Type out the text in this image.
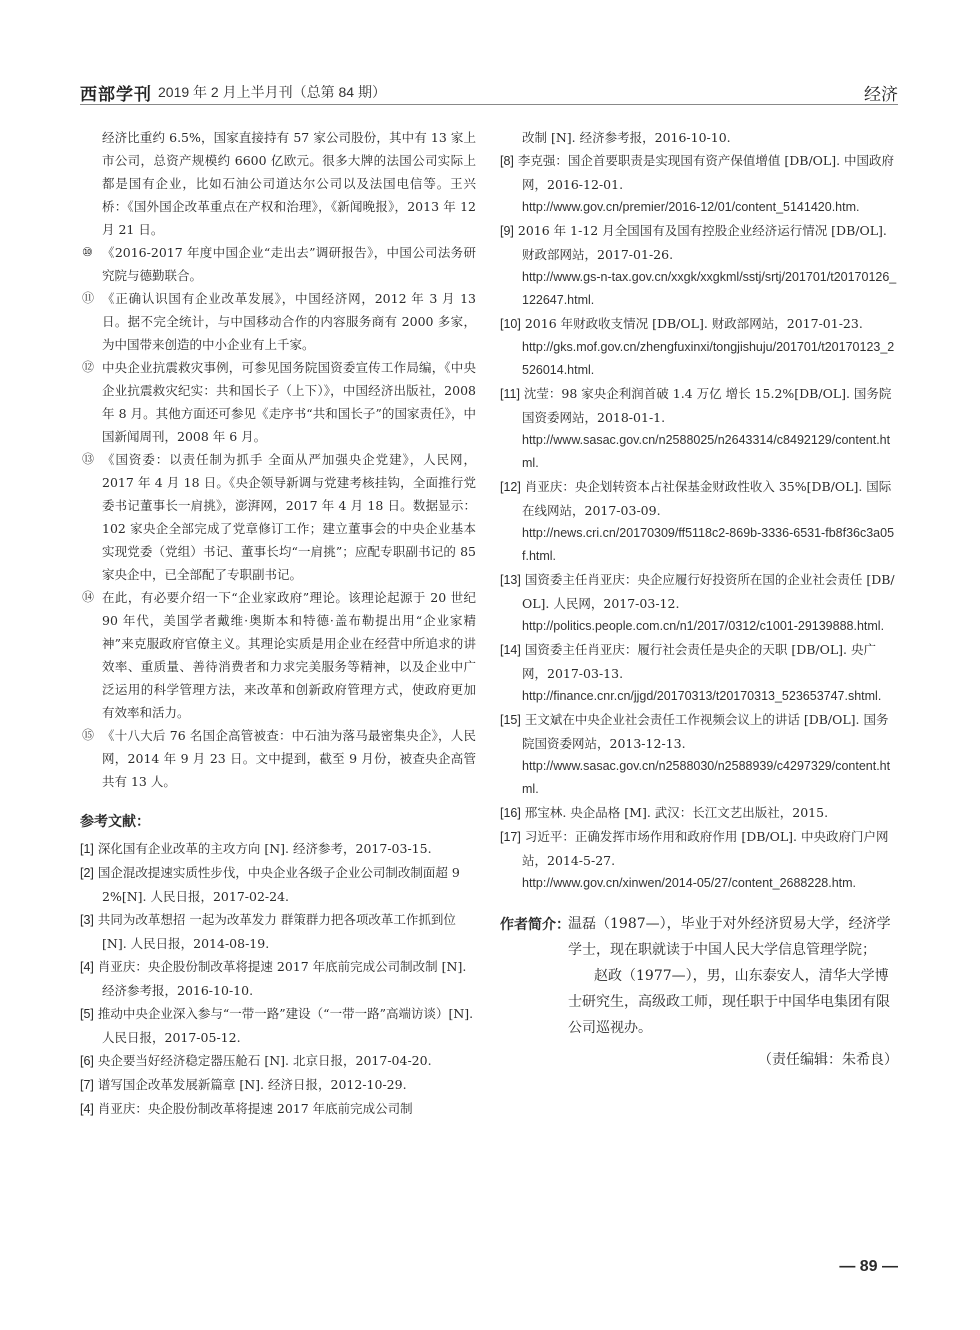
西部学刊 2019 年 2 月上半月刊（总第 84 期）	经济

经济比重约 6.5%，国家直接持有 57 家公司股份，其中有 13 家上市公司，总资产规模约 6600 亿欧元。很多大牌的法国公司实际上都是国有企业，比如石油公司道达尔公司以及法国电信等。王兴桥：《国外国企改革重点在产权和治理》，《新闻晚报》，2013 年 12 月 21 日。

⑩ 《2016-2017 年度中国企业“走出去”调研报告》，中国公司法务研究院与德勤联合。

⑪ 《正确认识国有企业改革发展》，中国经济网，2012 年 3 月 13 日。据不完全统计，与中国移动合作的内容服务商有 2000 多家，为中国带来创造的中小企业有上千家。

⑫ 中央企业抗震救灾事例，可参见国务院国资委宣传工作局编，《中央企业抗震救灾纪实：共和国长子（上下）》，中国经济出版社，2008 年 8 月。其他方面还可参见《走序书“共和国长子”的国家责任》，中国新闻周刊，2008 年 6 月。

⑬ 《国资委：以责任制为抓手 全面从严加强央企党建》，人民网，2017 年 4 月 18 日。《央企领导新调与党建考核挂钩，全面推行党委书记董事长一肩挑》，澎湃网，2017 年 4 月 18 日。数据显示：102 家央企全部完成了党章修订工作；建立董事会的中央企业基本实现党委（党组）书记、董事长均“一肩挑”；应配专职副书记的 85 家央企中，已全部配了专职副书记。

⑭ 在此，有必要介绍一下“企业家政府”理论。该理论起源于 20 世纪 90 年代，美国学者戴维·奥斯本和特德·盖布勒提出用“企业家精神”来克服政府官僚主义。其理论实质是用企业在经营中所追求的讲效率、重质量、善待消费者和力求完美服务等精神，以及企业中广泛运用的科学管理方法，来改革和创新政府管理方式，使政府更加有效率和活力。

⑮ 《十八大后 76 名国企高管被查：中石油为落马最密集央企》，人民网，2014 年 9 月 23 日。文中提到，截至 9 月份，被查央企高管共有 13 人。

参考文献：

[1] 深化国有企业改革的主攻方向 [N]. 经济参考，2017-03-15.

[2] 国企混改提速实质性步伐，中央企业各级子企业公司制改制面超 92%[N]. 人民日报，2017-02-24.

[3] 共同为改革想招 一起为改革发力 群策群力把各项改革工作抓到位 [N]. 人民日报，2014-08-19.

[4] 肖亚庆：央企股份制改革将提速 2017 年底前完成公司制改制 [N]. 经济参考报，2016-10-10.

[5] 推动中央企业深入参与“一带一路”建设（“一带一路”高端访谈）[N]. 人民日报，2017-05-12.

[6] 央企要当好经济稳定器压舱石 [N]. 北京日报，2017-04-20.

[7] 谱写国企改革发展新篇章 [N]. 经济日报，2012-10-29.

[4] 肖亚庆：央企股份制改革将提速 2017 年底前完成公司制

改制 [N]. 经济参考报，2016-10-10.

[8] 李克强：国企首要职责是实现国有资产保值增值 [DB/OL]. 中国政府网，2016-12-01.
http://www.gov.cn/premier/2016-12/01/content_5141420.htm.

[9] 2016 年 1-12 月全国国有及国有控股企业经济运行情况 [DB/OL]. 财政部网站，2017-01-26.
http://www.gs-n-tax.gov.cn/xxgk/xxgkml/sstj/srtj/201701/t20170126_122647.html.

[10] 2016 年财政收支情况 [DB/OL]. 财政部网站，2017-01-23.
http://gks.mof.gov.cn/zhengfuxinxi/tongjishuju/201701/t20170123_2526014.html.

[11] 沈莹：98 家央企利润首破 1.4 万亿 增长 15.2%[DB/OL]. 国务院国资委网站，2018-01-1.
http://www.sasac.gov.cn/n2588025/n2643314/c8492129/content.html.

[12] 肖亚庆：央企划转资本占社保基金财政性收入 35%[DB/OL]. 国际在线网站，2017-03-09.
http://news.cri.cn/20170309/ff5118c2-869b-3336-6531-fb8f36c3a05f.html.

[13] 国资委主任肖亚庆：央企应履行好投资所在国的企业社会责任 [DB/OL]. 人民网，2017-03-12.
http://politics.people.com.cn/n1/2017/0312/c1001-29139888.html.

[14] 国资委主任肖亚庆：履行社会责任是央企的天职 [DB/OL]. 央广网，2017-03-13.
http://finance.cnr.cn/jjgd/20170313/t20170313_523653747.shtml.

[15] 王文斌在中央企业社会责任工作视频会议上的讲话 [DB/OL]. 国务院国资委网站，2013-12-13.
http://www.sasac.gov.cn/n2588030/n2588939/c4297329/content.html.

[16] 邢宝林. 央企品格 [M]. 武汉：长江文艺出版社，2015.

[17] 习近平：正确发挥市场作用和政府作用 [DB/OL]. 中央政府门户网站，2014-5-27.
http://www.gov.cn/xinwen/2014-05/27/content_2688228.htm.

作者简介：

温磊（1987—），毕业于对外经济贸易大学，经济学学士，现在职就读于中国人民大学信息管理学院；

赵政（1977—），男，山东泰安人，清华大学博士研究生，高级政工师，现任职于中国华电集团有限公司巡视办。

（责任编辑：朱希良）
— 89 —
